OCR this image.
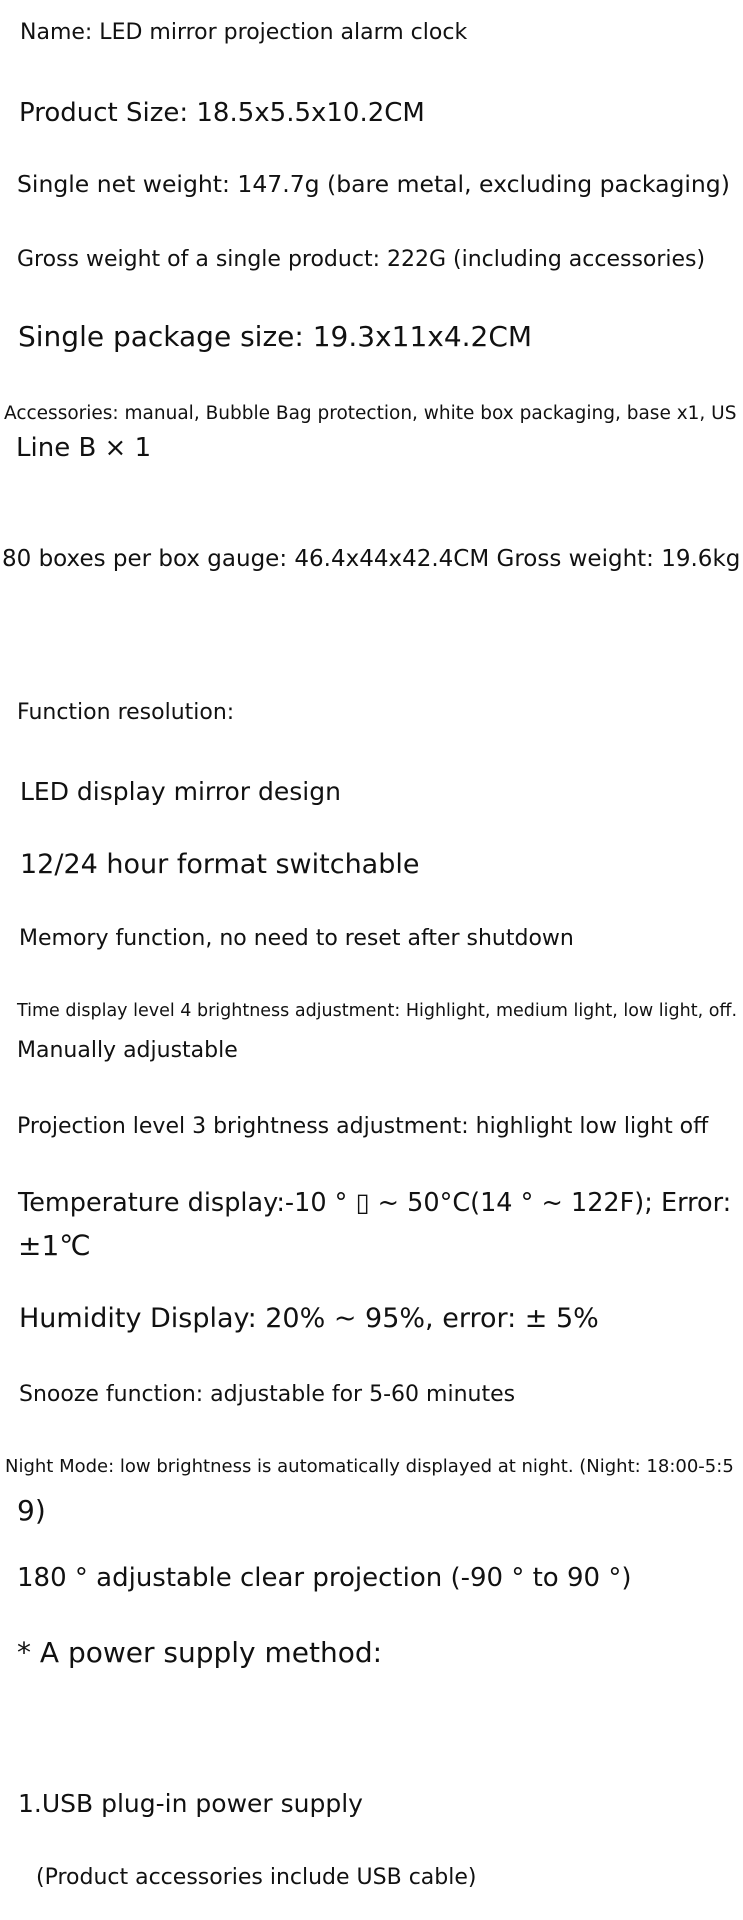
Name: LED mirror projection alarm clock
Product Size: 18.5x5.5x10.2CM
Single net weight: 147.7g (bare metal, excluding packaging)
Gross weight of a single product: 222G (including accessories)
Single package size: 19.3x11x4.2CM
Accessories: manual, Bubble Bag protection, white box packaging, base x1, US
Line B × 1
80 boxes per box gauge: 46.4x44x42.4CM Gross weight: 19.6kg
Function resolution:
LED display mirror design
12/24 hour format switchable
Memory function, no need to reset after shutdown
Time display level 4 brightness adjustment: Highlight, medium light, low light, off.
Manually adjustable
Projection level 3 brightness adjustment: highlight low light off
Temperature display:-10 ° ▯ ~ 50°C(14 ° ~ 122F); Error:
±1℃
Humidity Display: 20% ~ 95%, error: ± 5%
Snooze function: adjustable for 5-60 minutes
Night Mode: low brightness is automatically displayed at night. (Night: 18:00-5:5
9)
180 ° adjustable clear projection (-90 ° to 90 °)
* A power supply method:
1.USB plug-in power supply
(Product accessories include USB cable)
